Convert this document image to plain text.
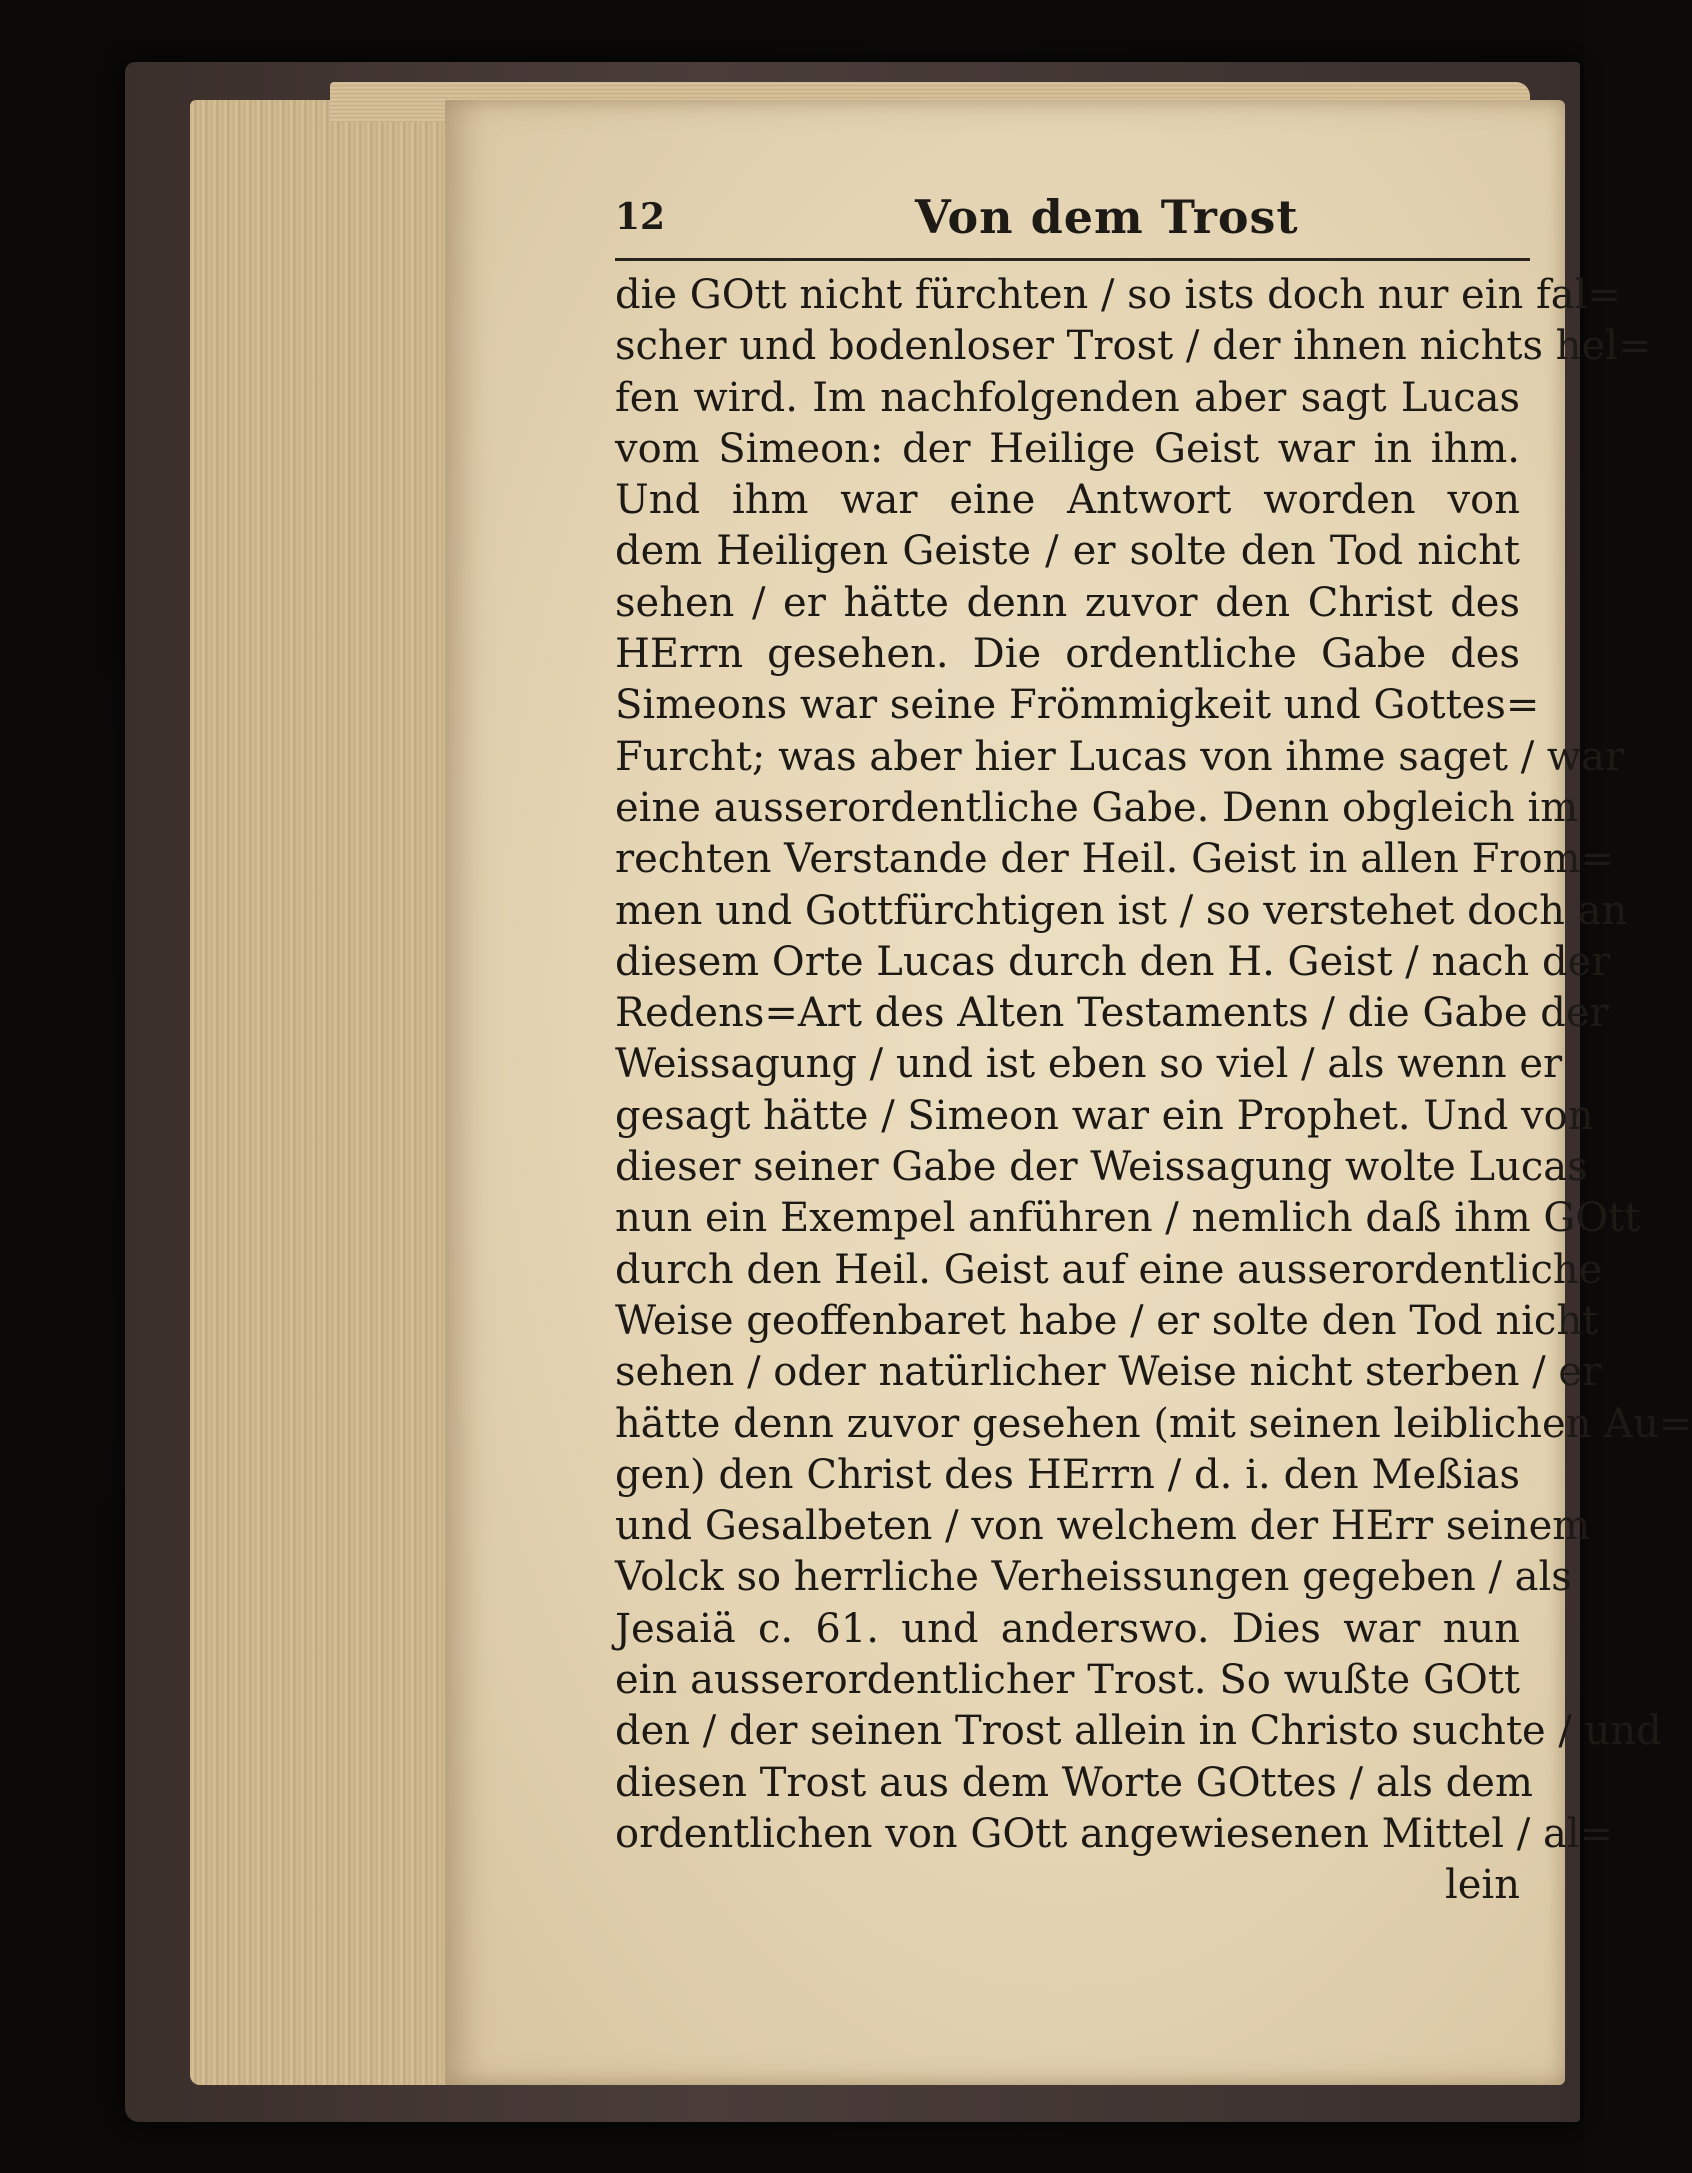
12	Von dem Trost
die GOtt nicht fürchten / so ists doch nur ein fal=
scher und bodenloser Trost / der ihnen nichts hel=
fen wird. Im nachfolgenden aber sagt Lucas
vom Simeon: der Heilige Geist war in ihm.
Und ihm war eine Antwort worden von
dem Heiligen Geiste / er solte den Tod nicht
sehen / er hätte denn zuvor den Christ des
HErrn gesehen. Die ordentliche Gabe des
Simeons war seine Frömmigkeit und Gottes=
Furcht; was aber hier Lucas von ihme saget / war
eine ausserordentliche Gabe. Denn obgleich im
rechten Verstande der Heil. Geist in allen From=
men und Gottfürchtigen ist / so verstehet doch an
diesem Orte Lucas durch den H. Geist / nach der
Redens=Art des Alten Testaments / die Gabe der
Weissagung / und ist eben so viel / als wenn er
gesagt hätte / Simeon war ein Prophet. Und von
dieser seiner Gabe der Weissagung wolte Lucas
nun ein Exempel anführen / nemlich daß ihm GOtt
durch den Heil. Geist auf eine ausserordentliche
Weise geoffenbaret habe / er solte den Tod nicht
sehen / oder natürlicher Weise nicht sterben / er
hätte denn zuvor gesehen (mit seinen leiblichen Au=
gen) den Christ des HErrn / d. i. den Meßias
und Gesalbeten / von welchem der HErr seinem
Volck so herrliche Verheissungen gegeben / als
Jesaiä c. 61. und anderswo. Dies war nun
ein ausserordentlicher Trost. So wußte GOtt
den / der seinen Trost allein in Christo suchte / und
diesen Trost aus dem Worte GOttes / als dem
ordentlichen von GOtt angewiesenen Mittel / al=
lein
